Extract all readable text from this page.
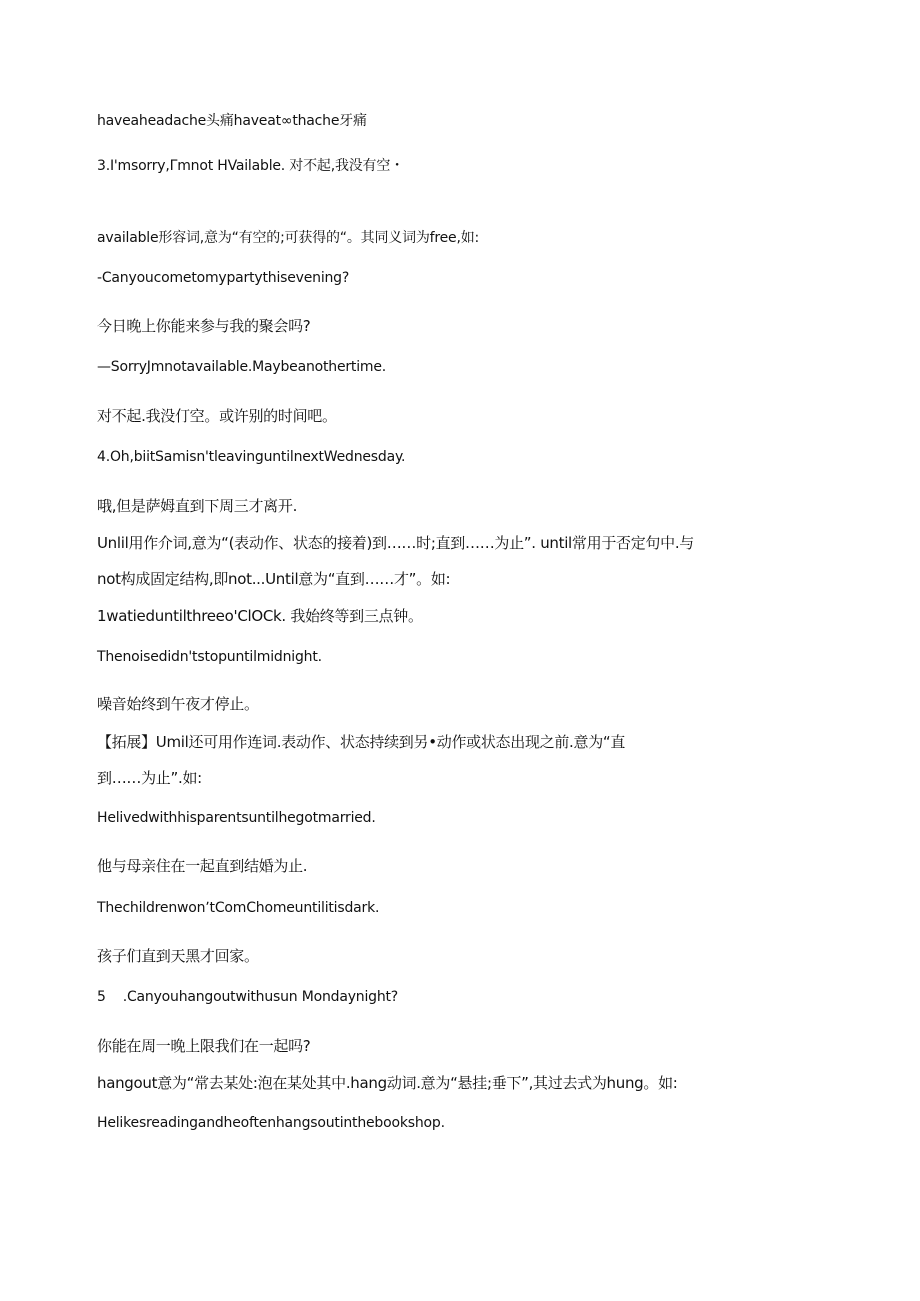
haveaheadache头痛haveat∞thache牙痛
3.I'msorry,Γmnot HVailable. 对不起,我没有空・
available形容词,意为“有空的;可获得的“。其同义词为free,如:
-Canyoucometomypartythisevening?
今日晚上你能来参与我的聚会吗?
—SorryJmnotavailable.Maybeanothertime.
对不起.我没仃空。或许别的时间吧。
4.Oh,biitSamisn'tleavinguntilnextWednesday.
哦,但是萨姆直到下周三才离开.
Unlil用作介词,意为“(表动作、状态的接着)到……时;直到……为止”. until常用于否定句中.与
not构成固定结构,即not...Until意为“直到……才”。如:
1watieduntilthreeo'ClOCk. 我始终等到三点钟。
Thenoisedidn'tstopuntilmidnight.
噪音始终到午夜才停止。
【拓展】Umil还可用作连词.表动作、状态持续到另•动作或状态出现之前.意为“直
到……为止”.如:
Helivedwithhisparentsuntilhegotmarried.
他与母亲住在一起直到结婚为止.
ThechildrenwonʼtComChomeuntilitisdark.
孩子们直到天黑才回家。
5    .Canyouhangoutwithusun Mondaynight?
你能在周一晚上限我们在一起吗?
hangout意为“常去某处:泡在某处其中.hang动词.意为“悬挂;垂下”,其过去式为hung。如:
Helikesreadingandheoftenhangsoutinthebookshop.
